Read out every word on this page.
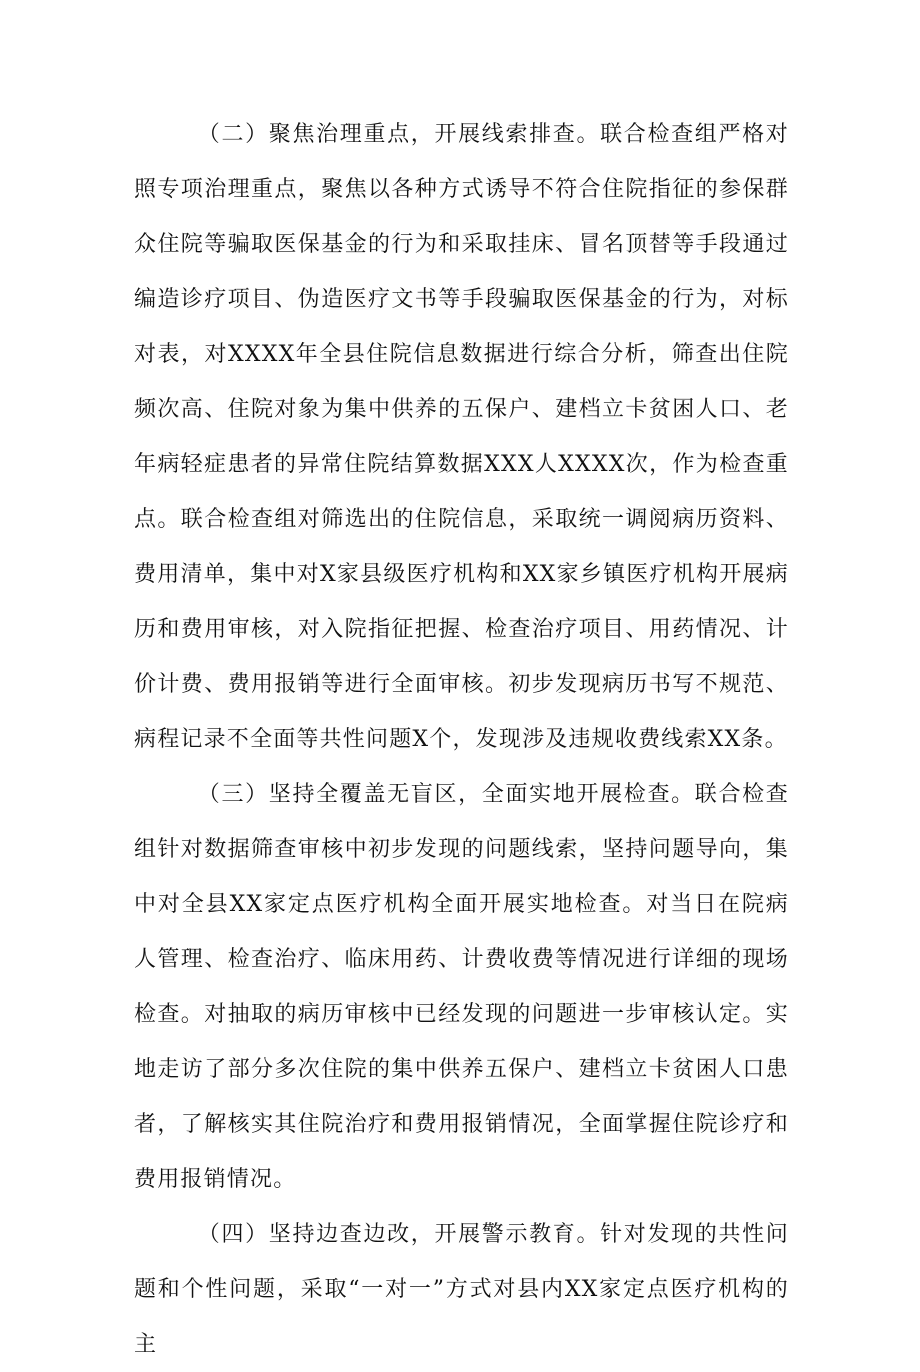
（二）聚焦治理重点，开展线索排查。联合检查组严格对照专项治理重点，聚焦以各种方式诱导不符合住院指征的参保群众住院等骗取医保基金的行为和采取挂床、冒名顶替等手段通过编造诊疗项目、伪造医疗文书等手段骗取医保基金的行为，对标对表，对XXXX年全县住院信息数据进行综合分析，筛查出住院频次高、住院对象为集中供养的五保户、建档立卡贫困人口、老年病轻症患者的异常住院结算数据XXX人XXXX次，作为检查重点。联合检查组对筛选出的住院信息，采取统一调阅病历资料、费用清单，集中对X家县级医疗机构和XX家乡镇医疗机构开展病历和费用审核，对入院指征把握、检查治疗项目、用药情况、计价计费、费用报销等进行全面审核。初步发现病历书写不规范、病程记录不全面等共性问题X个，发现涉及违规收费线索XX条。

（三）坚持全覆盖无盲区，全面实地开展检查。联合检查组针对数据筛查审核中初步发现的问题线索，坚持问题导向，集中对全县XX家定点医疗机构全面开展实地检查。对当日在院病人管理、检查治疗、临床用药、计费收费等情况进行详细的现场检查。对抽取的病历审核中已经发现的问题进一步审核认定。实地走访了部分多次住院的集中供养五保户、建档立卡贫困人口患者，了解核实其住院治疗和费用报销情况，全面掌握住院诊疗和费用报销情况。

（四）坚持边查边改，开展警示教育。针对发现的共性问题和个性问题，采取“一对一”方式对县内XX家定点医疗机构的主
